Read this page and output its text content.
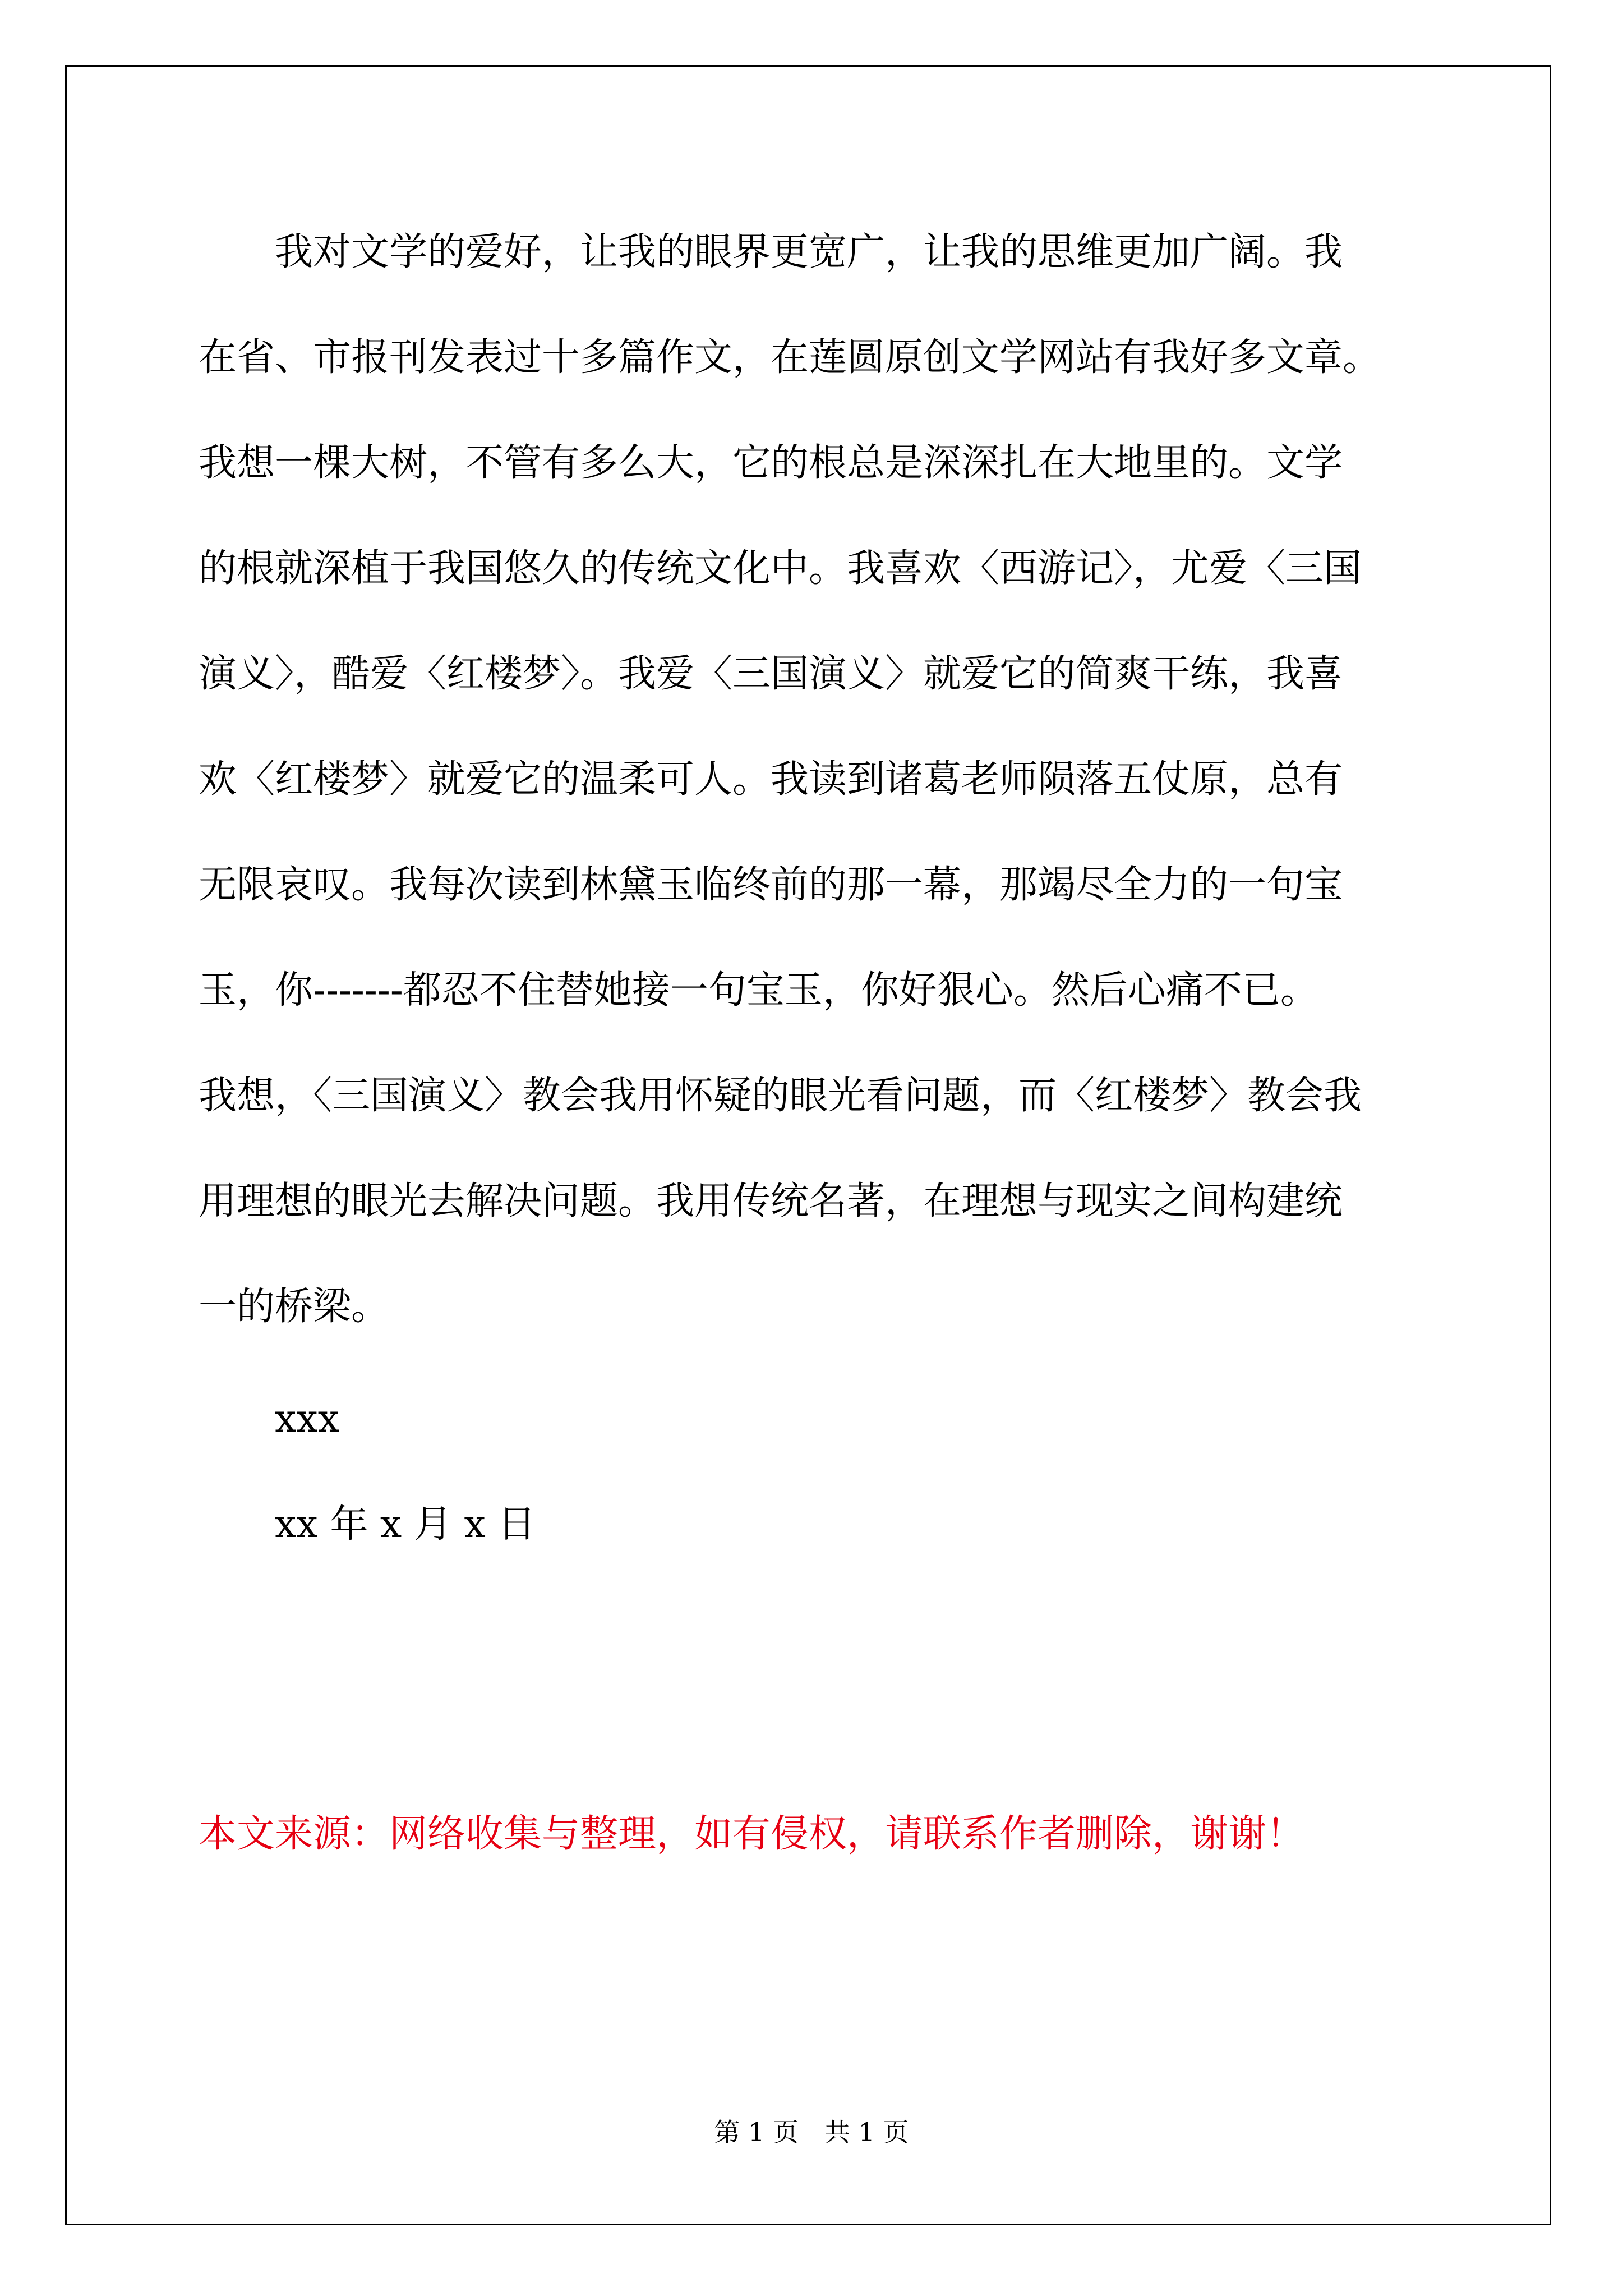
　　我对文学的爱好，让我的眼界更宽广，让我的思维更加广阔。我
在省、市报刊发表过十多篇作文，在莲圆原创文学网站有我好多文章。
我想一棵大树，不管有多么大，它的根总是深深扎在大地里的。文学
的根就深植于我国悠久的传统文化中。我喜欢〈西游记〉，尤爱〈三国
演义〉，酷爱〈红楼梦〉。我爱〈三国演义〉就爱它的简爽干练，我喜
欢〈红楼梦〉就爱它的温柔可人。我读到诸葛老师陨落五仗原，总有
无限哀叹。我每次读到林黛玉临终前的那一幕，那竭尽全力的一句宝
玉，你-------都忍不住替她接一句宝玉，你好狠心。然后心痛不已。
我想，〈三国演义〉教会我用怀疑的眼光看问题，而〈红楼梦〉教会我
用理想的眼光去解决问题。我用传统名著，在理想与现实之间构建统
一的桥梁。
　　xxx
　　xx 年 x 月 x 日
本文来源：网络收集与整理，如有侵权，请联系作者删除，谢谢！
第 1 页　共 1 页
